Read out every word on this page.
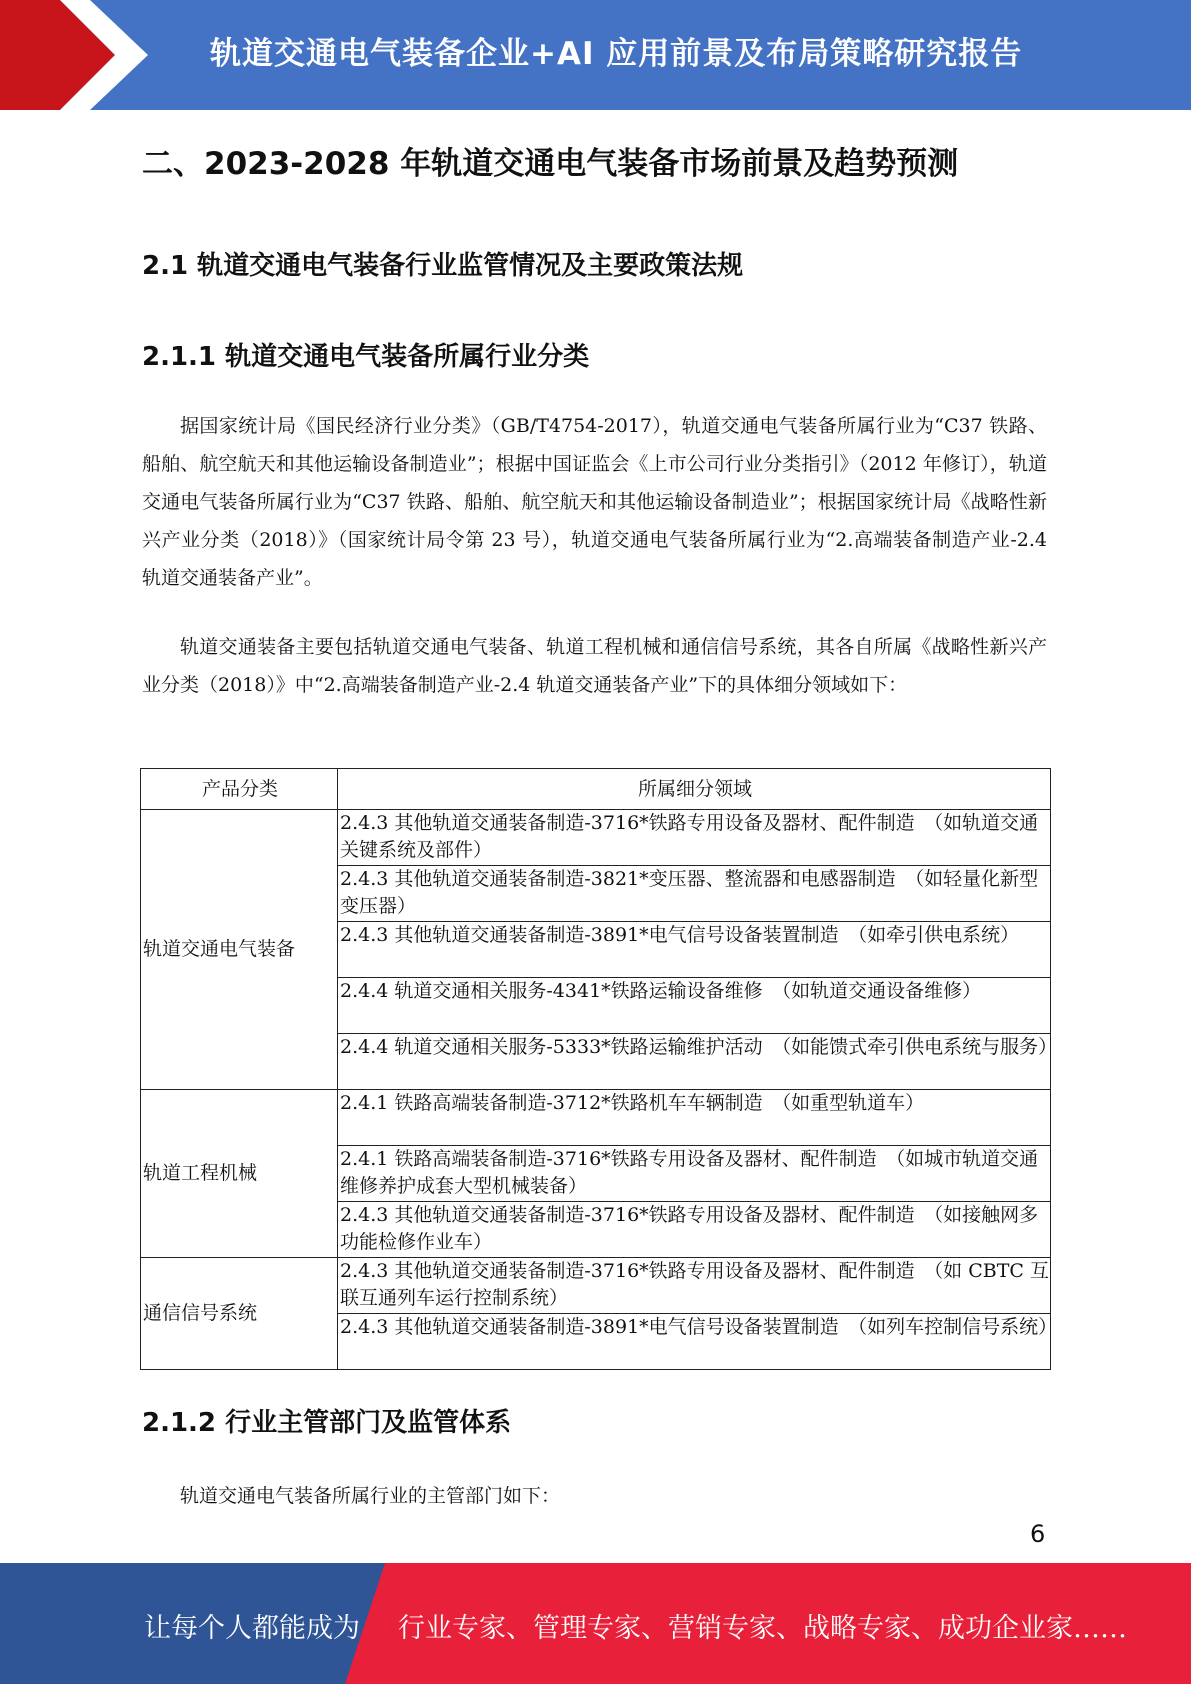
轨道交通电气装备企业+AI 应用前景及布局策略研究报告
二、2023-2028 年轨道交通电气装备市场前景及趋势预测
2.1 轨道交通电气装备行业监管情况及主要政策法规
2.1.1 轨道交通电气装备所属行业分类

据国家统计局《国民经济行业分类》（GB/T4754-2017），轨道交通电气装备所属行业为“C37 铁路、船舶、航空航天和其他运输设备制造业”；根据中国证监会《上市公司行业分类指引》（2012 年修订），轨道交通电气装备所属行业为“C37 铁路、船舶、航空航天和其他运输设备制造业”；根据国家统计局《战略性新兴产业分类（2018）》（国家统计局令第 23 号），轨道交通电气装备所属行业为“2.高端装备制造产业-2.4 轨道交通装备产业”。

轨道交通装备主要包括轨道交通电气装备、轨道工程机械和通信信号系统，其各自所属《战略性新兴产业分类（2018）》中“2.高端装备制造产业-2.4 轨道交通装备产业”下的具体细分领域如下：

产品分类	所属细分领域
轨道交通电气装备	2.4.3 其他轨道交通装备制造-3716*铁路专用设备及器材、配件制造　（如轨道交通关键系统及部件）
	2.4.3 其他轨道交通装备制造-3821*变压器、整流器和电感器制造　（如轻量化新型变压器）
	2.4.3 其他轨道交通装备制造-3891*电气信号设备装置制造　（如牵引供电系统）
	2.4.4 轨道交通相关服务-4341*铁路运输设备维修　（如轨道交通设备维修）
	2.4.4 轨道交通相关服务-5333*铁路运输维护活动　（如能馈式牵引供电系统与服务）
轨道工程机械	2.4.1 铁路高端装备制造-3712*铁路机车车辆制造　（如重型轨道车）
	2.4.1 铁路高端装备制造-3716*铁路专用设备及器材、配件制造　（如城市轨道交通维修养护成套大型机械装备）
	2.4.3 其他轨道交通装备制造-3716*铁路专用设备及器材、配件制造　（如接触网多功能检修作业车）
通信信号系统	2.4.3 其他轨道交通装备制造-3716*铁路专用设备及器材、配件制造　（如 CBTC 互联互通列车运行控制系统）
	2.4.3 其他轨道交通装备制造-3891*电气信号设备装置制造　（如列车控制信号系统）
2.1.2 行业主管部门及监管体系

轨道交通电气装备所属行业的主管部门如下：

6
让每个人都能成为 行业专家、管理专家、营销专家、战略专家、成功企业家……
